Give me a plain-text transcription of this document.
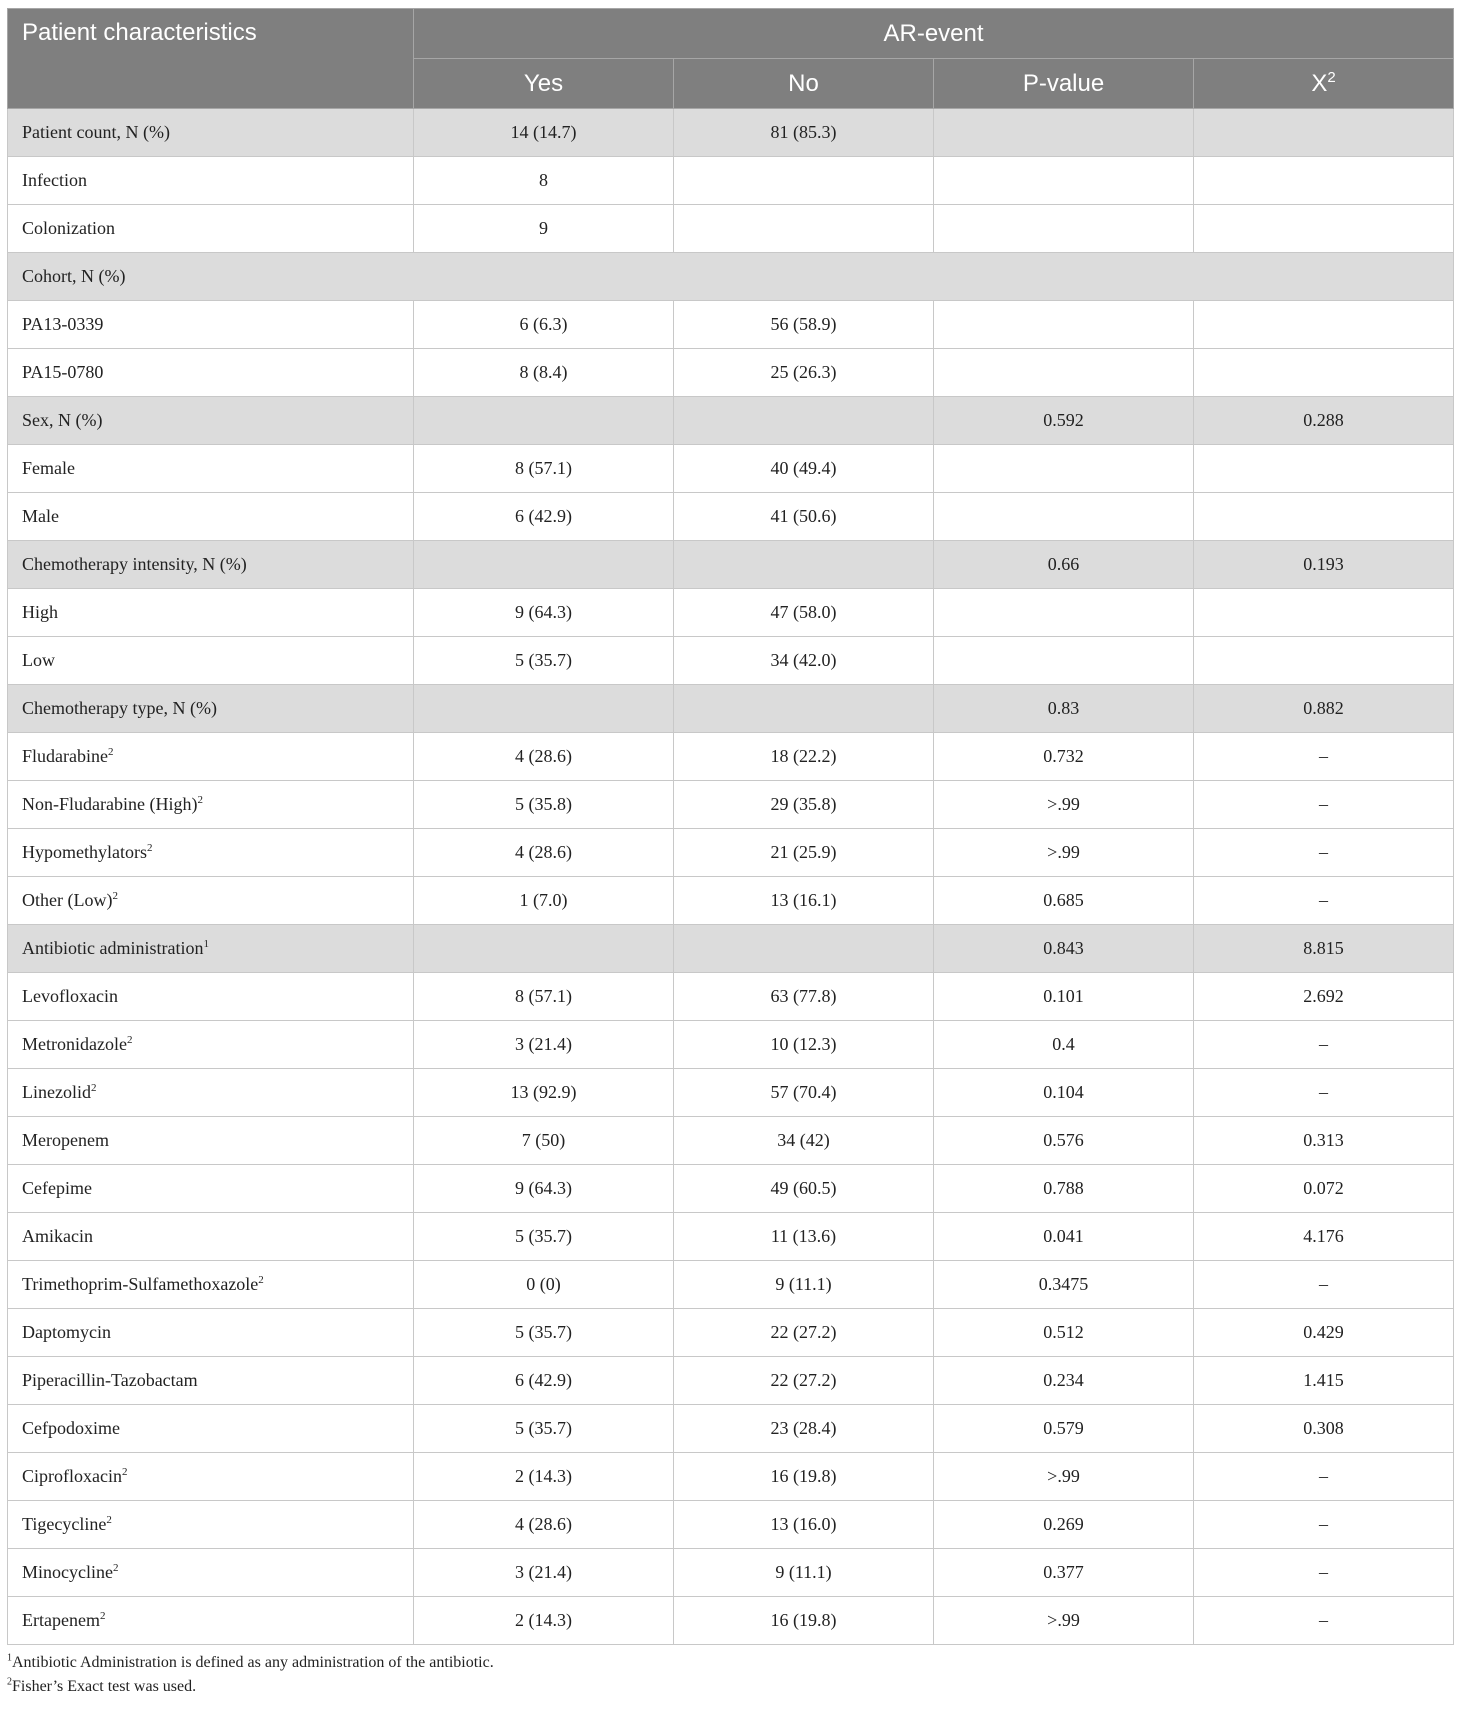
Patient characteristics	AR-event			
	Yes	No	P-value	$X^2$
Patient count, N (%)	14 (14.7)	81 (85.3)		
Infection	8			
Colonization	9			
Cohort, N (%)				
PA13-0339	6 (6.3)	56 (58.9)		
PA15-0780	8 (8.4)	25 (26.3)		
Sex, N (%)			0.592	0.288
Female	8 (57.1)	40 (49.4)		
Male	6 (42.9)	41 (50.6)		
Chemotherapy intensity, N (%)			0.66	0.193
High	9 (64.3)	47 (58.0)		
Low	5 (35.7)	34 (42.0)		
Chemotherapy type, N (%)			0.83	0.882
Fludarabine$^2$	4 (28.6)	18 (22.2)	0.732	–
Non-Fludarabine (High)$^2$	5 (35.8)	29 (35.8)	>.99	–
Hypomethylators$^2$	4 (28.6)	21 (25.9)	>.99	–
Other (Low)$^2$	1 (7.0)	13 (16.1)	0.685	–
Antibiotic administration$^1$			0.843	8.815
Levofloxacin	8 (57.1)	63 (77.8)	0.101	2.692
Metronidazole$^2$	3 (21.4)	10 (12.3)	0.4	–
Linezolid$^2$	13 (92.9)	57 (70.4)	0.104	–
Meropenem	7 (50)	34 (42)	0.576	0.313
Cefepime	9 (64.3)	49 (60.5)	0.788	0.072
Amikacin	5 (35.7)	11 (13.6)	0.041	4.176
Trimethoprim-Sulfamethoxazole$^2$	0 (0)	9 (11.1)	0.3475	–
Daptomycin	5 (35.7)	22 (27.2)	0.512	0.429
Piperacillin-Tazobactam	6 (42.9)	22 (27.2)	0.234	1.415
Cefpodoxime	5 (35.7)	23 (28.4)	0.579	0.308
Ciprofloxacin$^2$	2 (14.3)	16 (19.8)	>.99	–
Tigecycline$^2$	4 (28.6)	13 (16.0)	0.269	–
Minocycline$^2$	3 (21.4)	9 (11.1)	0.377	–
Ertapenem$^2$	2 (14.3)	16 (19.8)	>.99	–
$^1$Antibiotic Administration is defined as any administration of the antibiotic.
$^2$Fisher’s Exact test was used.
